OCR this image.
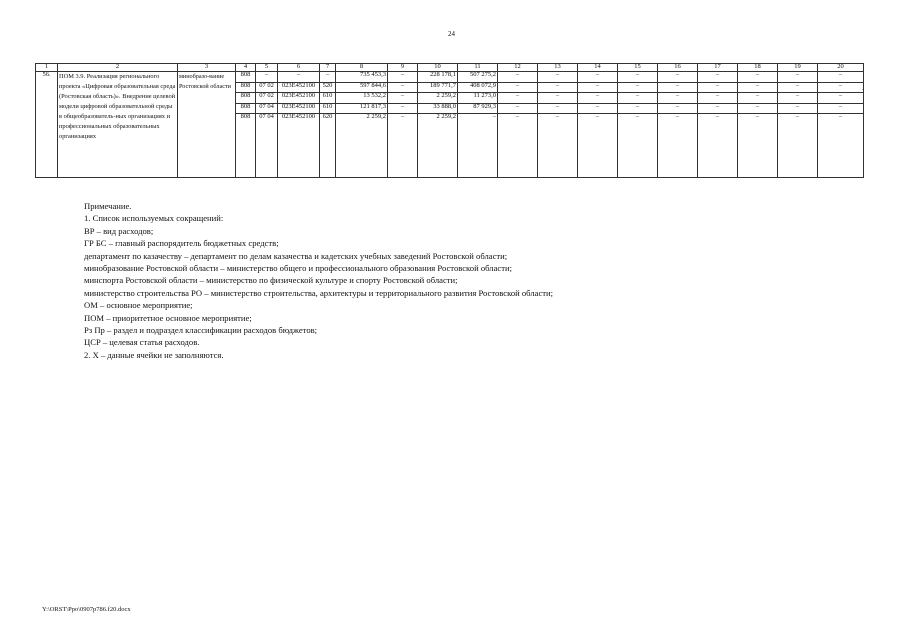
24
1	2	3	4	5	6	7	8	9	10	11	12	13	14	15	16	17	18	19	20
56.	ПОМ 3.9. Реализация регионального проекта «Цифровая образовательная среда (Ростовская область)». Внедрение целевой модели цифровой образовательной среды в общеобразователь-ных организациях и профессиональных образовательных организациях	минобразо-вание Ростовской области	808	–	–	–	735 453,3	–	228 178,1	507 275,2	–	–	–	–	–	–	–	–	–
			808	07 02	023E452100	520	597 844,6	–	189 771,7	408 072,9	–	–	–	–	–	–	–	–	–
			808	07 02	023E452100	610	13 532,2	–	2 259,2	11 273,0	–	–	–	–	–	–	–	–	–
			808	07 04	023E452100	610	121 817,3	–	33 888,0	87 929,3	–	–	–	–	–	–	–	–	–
			808	07 04	023E452100	620	2 259,2	–	2 259,2	–	–	–	–	–	–	–	–	–	–
.
Примечание.
1. Список используемых сокращений:
ВР – вид расходов;
ГР БС – главный распорядитель бюджетных средств;
департамент по казачеству – департамент по делам казачества и кадетских учебных заведений Ростовской области;
минобразование Ростовской области – министерство общего и профессионального образования Ростовской области;
минспорта Ростовской области – министерство по физической культуре и спорту Ростовской области;
министерство строительства РО – министерство строительства, архитектуры и территориального развития Ростовской области;
ОМ – основное мероприятие;
ПОМ – приоритетное основное мероприятие;
Рз Пр – раздел и подраздел классификации расходов бюджетов;
ЦСР – целевая статья расходов.
2. Х – данные ячейки не заполняются.
Y:\ORST\Ppo\0907p786.f20.docx
